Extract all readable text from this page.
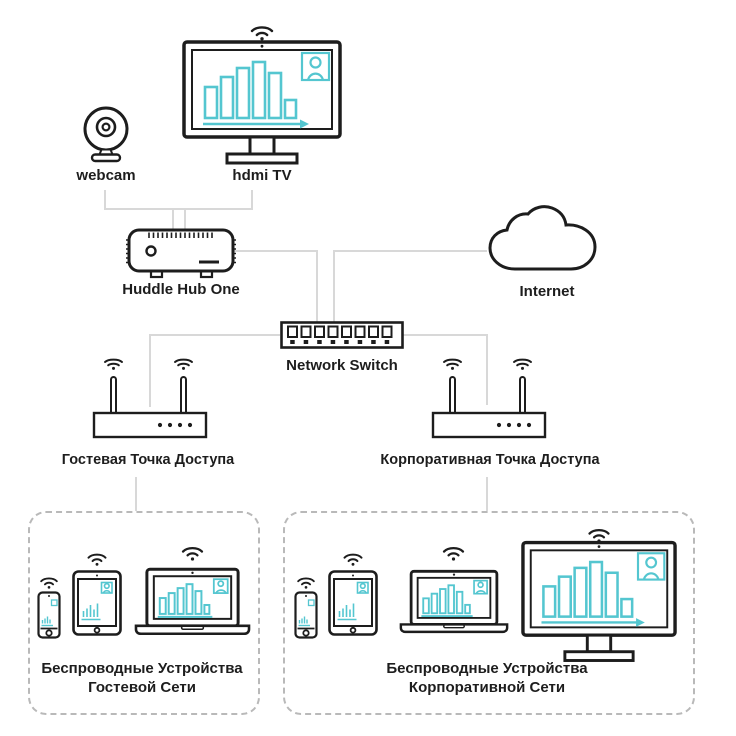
webcam	hdmi TV
Huddle Hub One	Internet
Network Switch
Гостевая Точка Доступа	Корпоративная Точка Доступа
Беспроводные Устройства
Гостевой Сети
Беспроводные Устройства
Корпоративной Сети
